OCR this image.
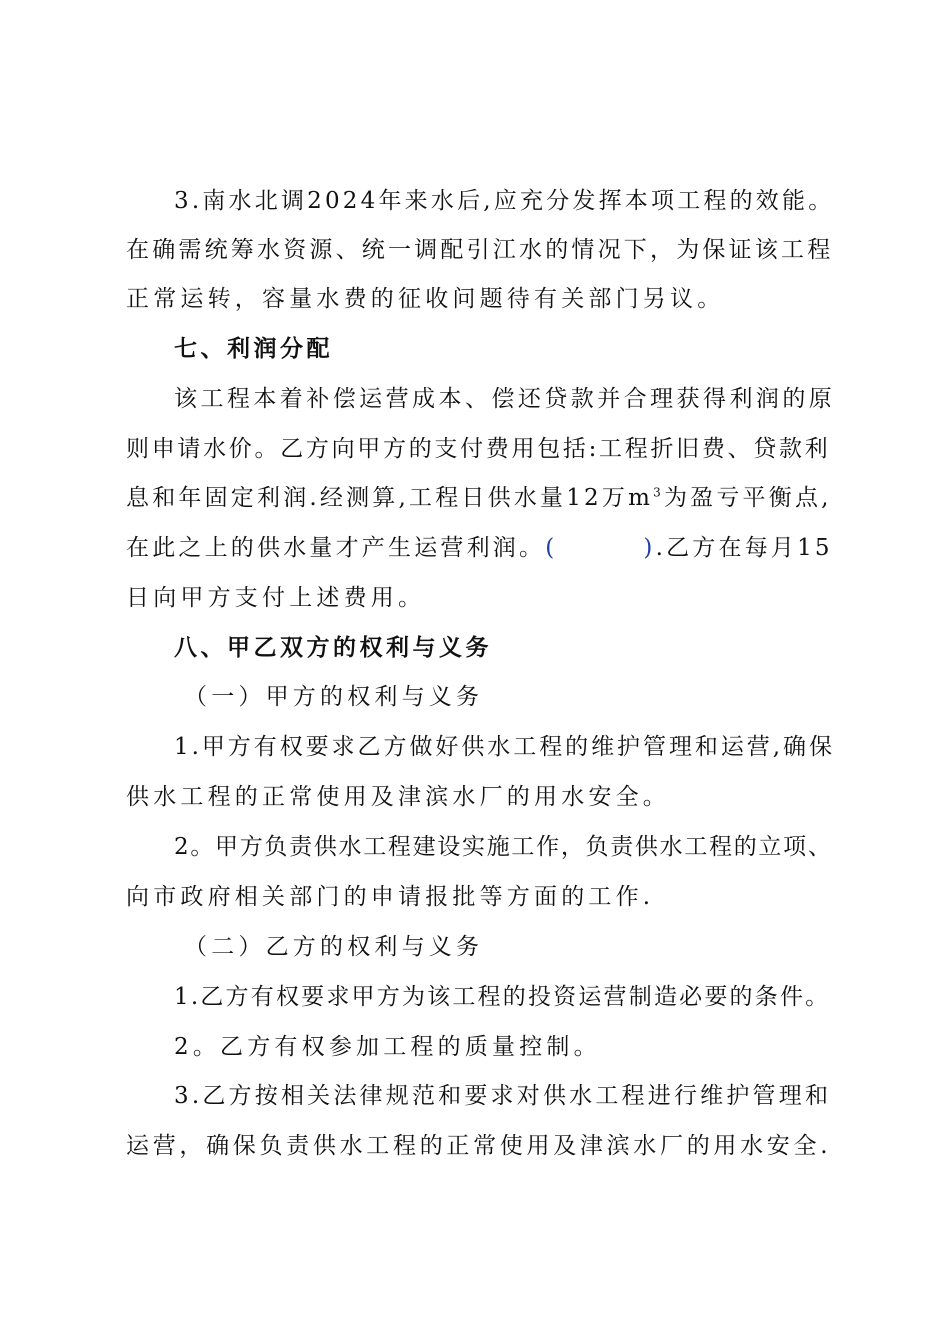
3.南水北调2024年来水后,应充分发挥本项工程的效能。
在确需统筹水资源、统一调配引江水的情况下，为保证该工程
正常运转，容量水费的征收问题待有关部门另议。
七、利润分配
该工程本着补偿运营成本、偿还贷款并合理获得利润的原
则申请水价。乙方向甲方的支付费用包括:工程折旧费、贷款利
息和年固定利润.经测算,工程日供水量12万$m^3$为盈亏平衡点,
在此之上的供水量才产生运营利润。(	).乙方在每月15
日向甲方支付上述费用。
八、甲乙双方的权利与义务
（一）甲方的权利与义务
1.甲方有权要求乙方做好供水工程的维护管理和运营,确保
供水工程的正常使用及津滨水厂的用水安全。
2。甲方负责供水工程建设实施工作，负责供水工程的立项、
向市政府相关部门的申请报批等方面的工作.
（二）乙方的权利与义务
1.乙方有权要求甲方为该工程的投资运营制造必要的条件。
2。乙方有权参加工程的质量控制。
3.乙方按相关法律规范和要求对供水工程进行维护管理和
运营，确保负责供水工程的正常使用及津滨水厂的用水安全.
